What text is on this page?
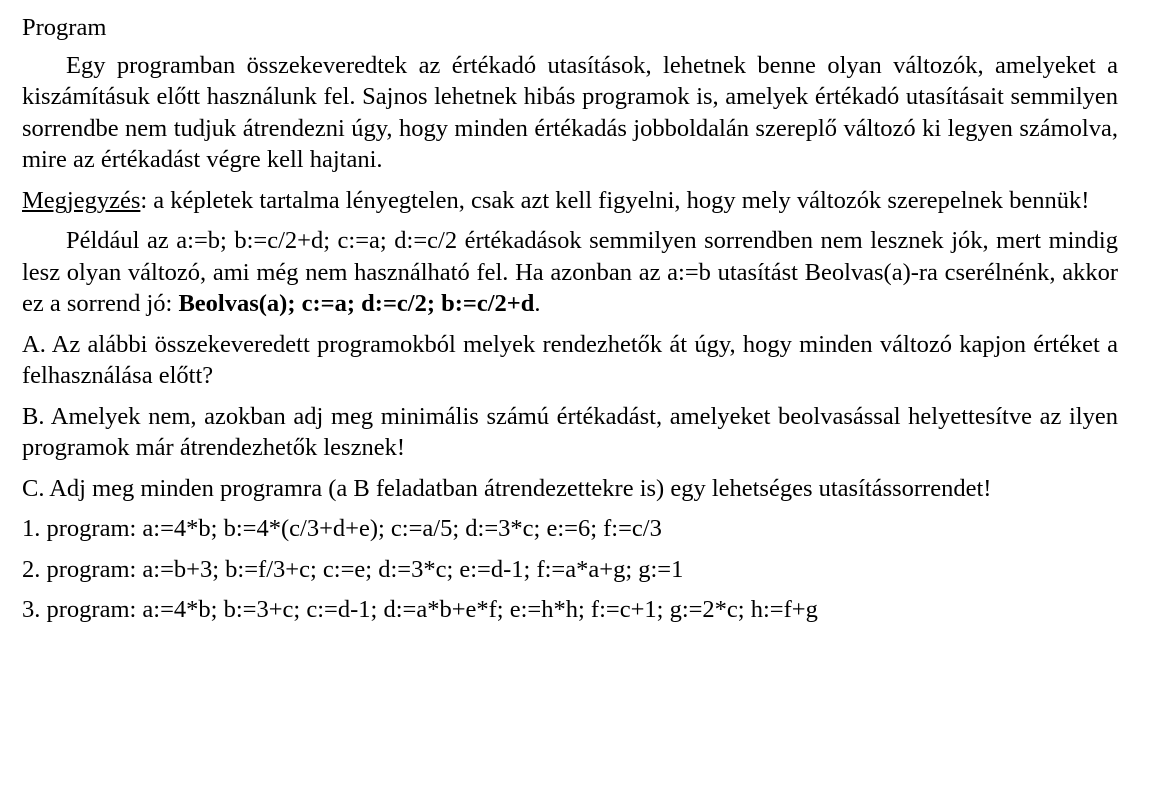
Program

Egy programban összekeveredtek az értékadó utasítások, lehetnek benne olyan változók, amelyeket a kiszámításuk előtt használunk fel. Sajnos lehetnek hibás programok is, amelyek értékadó utasításait semmilyen sorrendbe nem tudjuk átrendezni úgy, hogy minden értékadás jobboldalán szereplő változó ki legyen számolva, mire az értékadást végre kell hajtani.

Megjegyzés: a képletek tartalma lényegtelen, csak azt kell figyelni, hogy mely változók szerepelnek bennük!

Például az a:=b; b:=c/2+d; c:=a; d:=c/2 értékadások semmilyen sorrendben nem lesznek jók, mert mindig lesz olyan változó, ami még nem használható fel. Ha azonban az a:=b utasítást Beolvas(a)-ra cserélnénk, akkor ez a sorrend jó: Beolvas(a); c:=a; d:=c/2; b:=c/2+d.

A. Az alábbi összekeveredett programokból melyek rendezhetők át úgy, hogy minden változó kapjon értéket a felhasználása előtt?

B. Amelyek nem, azokban adj meg minimális számú értékadást, amelyeket beolvasással helyettesítve az ilyen programok már átrendezhetők lesznek!

C. Adj meg minden programra (a B feladatban átrendezettekre is) egy lehetséges utasítássorrendet!

1. program: a:=4*b; b:=4*(c/3+d+e); c:=a/5; d:=3*c; e:=6; f:=c/3
2. program: a:=b+3; b:=f/3+c; c:=e; d:=3*c; e:=d-1; f:=a*a+g; g:=1
3. program: a:=4*b; b:=3+c; c:=d-1; d:=a*b+e*f; e:=h*h; f:=c+1; g:=2*c; h:=f+g
